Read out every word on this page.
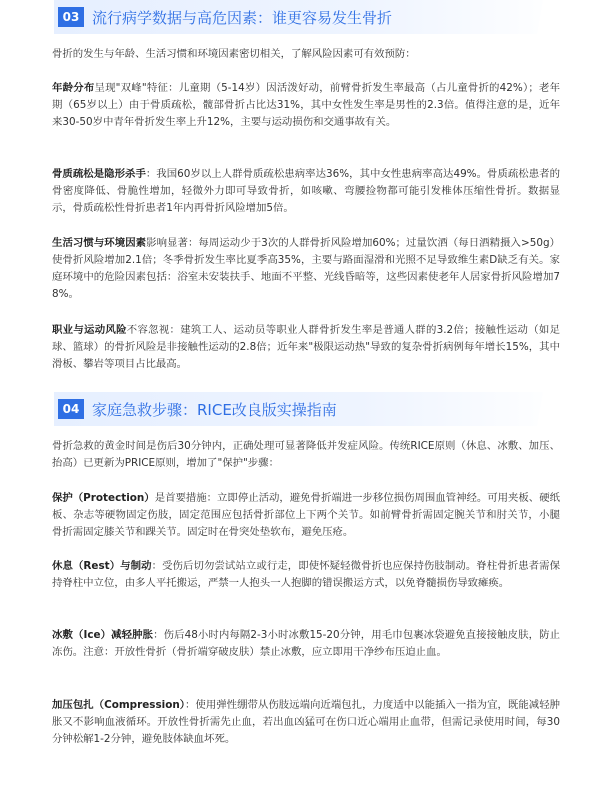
03 流行病学数据与高危因素：谁更容易发生骨折

骨折的发生与年龄、生活习惯和环境因素密切相关，了解风险因素可有效预防：

年龄分布呈现"双峰"特征：儿童期（5-14岁）因活泼好动，前臂骨折发生率最高（占儿童骨折的42%）；老年期（65岁以上）由于骨质疏松，髋部骨折占比达31%，其中女性发生率是男性的2.3倍。值得注意的是，近年来30-50岁中青年骨折发生率上升12%，主要与运动损伤和交通事故有关。

骨质疏松是隐形杀手：我国60岁以上人群骨质疏松患病率达36%，其中女性患病率高达49%。骨质疏松患者的骨密度降低、骨脆性增加，轻微外力即可导致骨折，如咳嗽、弯腰捡物都可能引发椎体压缩性骨折。数据显示，骨质疏松性骨折患者1年内再骨折风险增加5倍。

生活习惯与环境因素影响显著：每周运动少于3次的人群骨折风险增加60%；过量饮酒（每日酒精摄入>50g）使骨折风险增加2.1倍；冬季骨折发生率比夏季高35%，主要与路面湿滑和光照不足导致维生素D缺乏有关。家庭环境中的危险因素包括：浴室未安装扶手、地面不平整、光线昏暗等，这些因素使老年人居家骨折风险增加78%。

职业与运动风险不容忽视：建筑工人、运动员等职业人群骨折发生率是普通人群的3.2倍；接触性运动（如足球、篮球）的骨折风险是非接触性运动的2.8倍；近年来"极限运动热"导致的复杂骨折病例每年增长15%，其中滑板、攀岩等项目占比最高。

04 家庭急救步骤：RICE改良版实操指南

骨折急救的黄金时间是伤后30分钟内，正确处理可显著降低并发症风险。传统RICE原则（休息、冰敷、加压、抬高）已更新为PRICE原则，增加了"保护"步骤：

保护（Protection）是首要措施：立即停止活动，避免骨折端进一步移位损伤周围血管神经。可用夹板、硬纸板、杂志等硬物固定伤肢，固定范围应包括骨折部位上下两个关节。如前臂骨折需固定腕关节和肘关节，小腿骨折需固定膝关节和踝关节。固定时在骨突处垫软布，避免压疮。

休息（Rest）与制动：受伤后切勿尝试站立或行走，即使怀疑轻微骨折也应保持伤肢制动。脊柱骨折患者需保持脊柱中立位，由多人平托搬运，严禁一人抱头一人抱脚的错误搬运方式，以免脊髓损伤导致瘫痪。

冰敷（Ice）减轻肿胀：伤后48小时内每隔2-3小时冰敷15-20分钟，用毛巾包裹冰袋避免直接接触皮肤，防止冻伤。注意：开放性骨折（骨折端穿破皮肤）禁止冰敷，应立即用干净纱布压迫止血。

加压包扎（Compression）：使用弹性绷带从伤肢远端向近端包扎，力度适中以能插入一指为宜，既能减轻肿胀又不影响血液循环。开放性骨折需先止血，若出血凶猛可在伤口近心端用止血带，但需记录使用时间，每30分钟松解1-2分钟，避免肢体缺血坏死。
